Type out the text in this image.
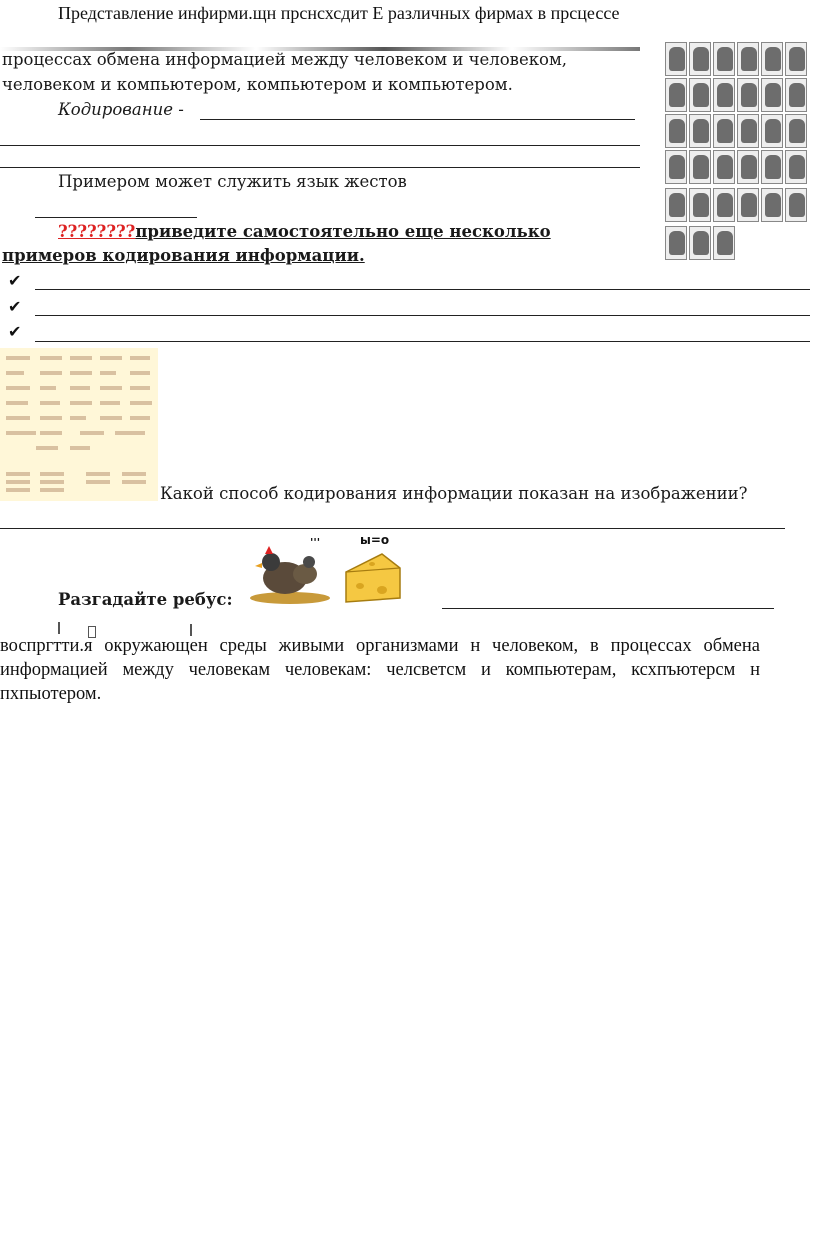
Представление инфирми.щн прснсхсдит Е различных фирмах в прсцессе
процессах обмена информацией между человеком и человеком,
человеком и компьютером, компьютером и компьютером.
Кодирование -
Примером может служить язык жестов
????????приведите самостоятельно еще несколько
примеров кодирования информации.
✔
✔
✔
Какой способ кодирования информации показан на изображении?
'''	ы=о
Разгадайте ребус:
воспргтти.я окружающен среды живыми организмами н человеком, в процессах обмена информацией между человекам человекам: челсветсм и компьютерам, ксхпъютерсм н пхпыотером.
